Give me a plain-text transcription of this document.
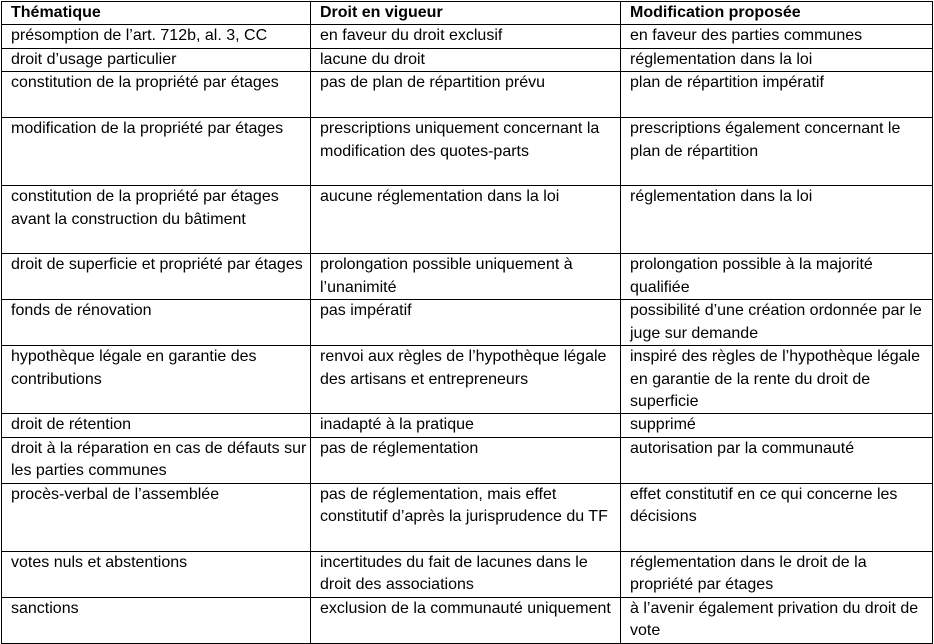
Thématique	Droit en vigueur	Modification proposée
présomption de l’art. 712b, al. 3, CC	en faveur du droit exclusif	en faveur des parties communes
droit d’usage particulier	lacune du droit	réglementation dans la loi
constitution de la propriété par étages	pas de plan de répartition prévu	plan de répartition impératif
modification de la propriété par étages	prescriptions uniquement concernant la modification des quotes-parts	prescriptions également concernant le plan de répartition
constitution de la propriété par étages avant la construction du bâtiment	aucune réglementation dans la loi	réglementation dans la loi
droit de superficie et propriété par étages	prolongation possible uniquement à l’unanimité	prolongation possible à la majorité qualifiée
fonds de rénovation	pas impératif	possibilité d’une création ordonnée par le juge sur demande
hypothèque légale en garantie des contributions	renvoi aux règles de l’hypothèque légale des artisans et entrepreneurs	inspiré des règles de l’hypothèque légale en garantie de la rente du droit de superficie
droit de rétention	inadapté à la pratique	supprimé
droit à la réparation en cas de défauts sur les parties communes	pas de réglementation	autorisation par la communauté
procès-verbal de l’assemblée	pas de réglementation, mais effet constitutif d’après la jurisprudence du TF	effet constitutif en ce qui concerne les décisions
votes nuls et abstentions	incertitudes du fait de lacunes dans le droit des associations	réglementation dans le droit de la propriété par étages
sanctions	exclusion de la communauté uniquement	à l’avenir également privation du droit de vote
